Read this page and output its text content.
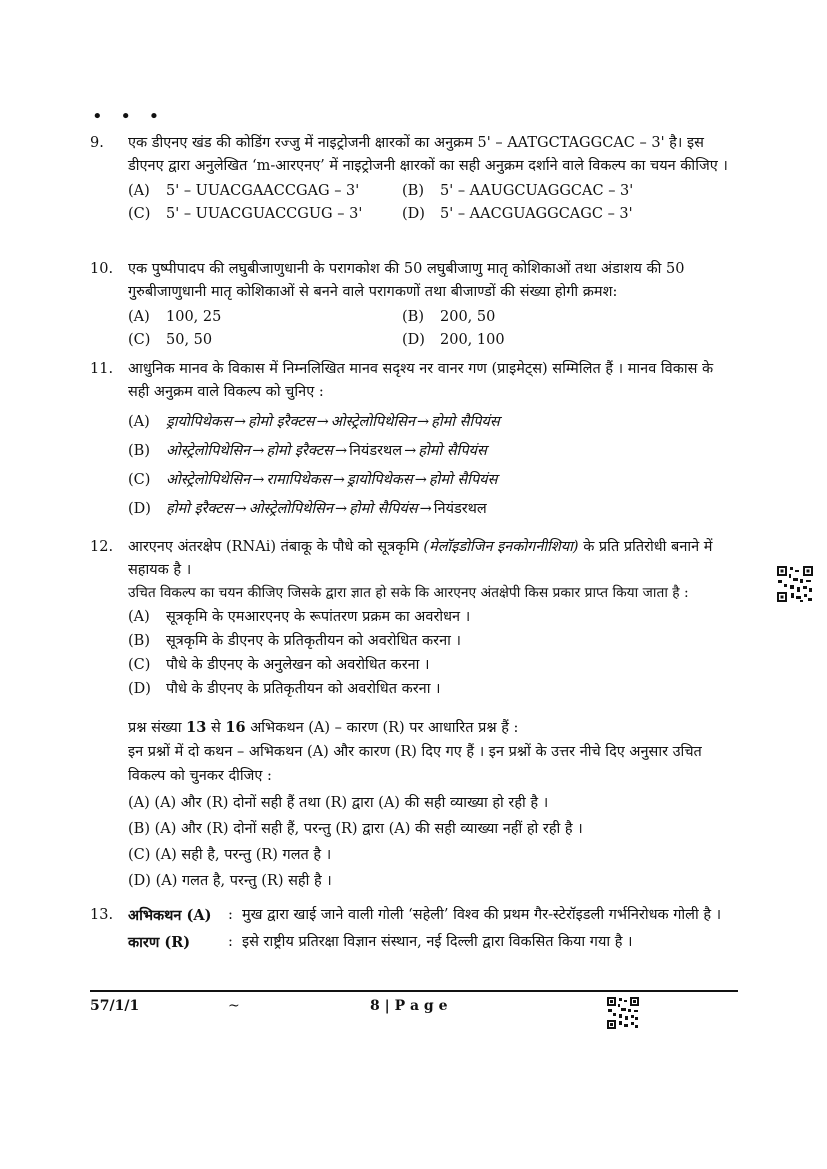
• • •
9. एक डीएनए खंड की कोडिंग रज्जु में नाइट्रोजनी क्षारकों का अनुक्रम 5' – AATGCTAGGCAC – 3' है। इस डीएनए द्वारा अनुलेखित ‘m-आरएनए’ में नाइट्रोजनी क्षारकों का सही अनुक्रम दर्शाने वाले विकल्प का चयन कीजिए ।
(A)	5' – UUACGAACCGAG – 3'	(B)	5' – AAUGCUAGGCAC – 3'
(C)	5' – UUACGUACCGUG – 3'	(D)	5' – AACGUAGGCAGC – 3'
10. एक पुष्पीपादप की लघुबीजाणुधानी के परागकोश की 50 लघुबीजाणु मातृ कोशिकाओं तथा अंडाशय की 50 गुरुबीजाणुधानी मातृ कोशिकाओं से बनने वाले परागकणों तथा बीजाण्डों की संख्या होगी क्रमश:
(A)	100, 25	(B)	200, 50
(C)	50, 50	(D)	200, 100
11. आधुनिक मानव के विकास में निम्नलिखित मानव सदृश्य नर वानर गण (प्राइमेट्स) सम्मिलित हैं । मानव विकास के सही अनुक्रम वाले विकल्प को चुनिए :
(A)	ड्रायोपिथेकस → होमो इरैक्टस → ओस्ट्रेलोपिथेसिन → होमो सैपियंस
(B)	ओस्ट्रेलोपिथेसिन → होमो इरैक्टस → नियंडरथल → होमो सैपियंस
(C)	ओस्ट्रेलोपिथेसिन → रामापिथेकस → ड्रायोपिथेकस → होमो सैपियंस
(D)	होमो इरैक्टस → ओस्ट्रेलोपिथेसिन → होमो सैपियंस → नियंडरथल
12. आरएनए अंतरक्षेप (RNAi) तंबाकू के पौधे को सूत्रकृमि (मेलॉइडोजिन इनकोगनीशिया) के प्रति प्रतिरोधी बनाने में सहायक है ।
उचित विकल्प का चयन कीजिए जिसके द्वारा ज्ञात हो सके कि आरएनए अंतक्षेपी किस प्रकार प्राप्त किया जाता है :
(A)	सूत्रकृमि के एमआरएनए के रूपांतरण प्रक्रम का अवरोधन ।
(B)	सूत्रकृमि के डीएनए के प्रतिकृतीयन को अवरोधित करना ।
(C)	पौधे के डीएनए के अनुलेखन को अवरोधित करना ।
(D)	पौधे के डीएनए के प्रतिकृतीयन को अवरोधित करना ।
प्रश्न संख्या 13 से 16 अभिकथन (A) – कारण (R) पर आधारित प्रश्न हैं :
इन प्रश्नों में दो कथन – अभिकथन (A) और कारण (R) दिए गए हैं । इन प्रश्नों के उत्तर नीचे दिए अनुसार उचित विकल्प को चुनकर दीजिए :
(A) (A) और (R) दोनों सही हैं तथा (R) द्वारा (A) की सही व्याख्या हो रही है ।
(B) (A) और (R) दोनों सही हैं, परन्तु (R) द्वारा (A) की सही व्याख्या नहीं हो रही है ।
(C) (A) सही है, परन्तु (R) गलत है ।
(D) (A) गलत है, परन्तु (R) सही है ।
13. अभिकथन (A)	: मुख द्वारा खाई जाने वाली गोली ‘सहेली’ विश्व की प्रथम गैर-स्टेरॉइडली गर्भनिरोधक गोली है ।
कारण (R)	: इसे राष्ट्रीय प्रतिरक्षा विज्ञान संस्थान, नई दिल्ली द्वारा विकसित किया गया है ।
57/1/1	~	8 | P a g e
